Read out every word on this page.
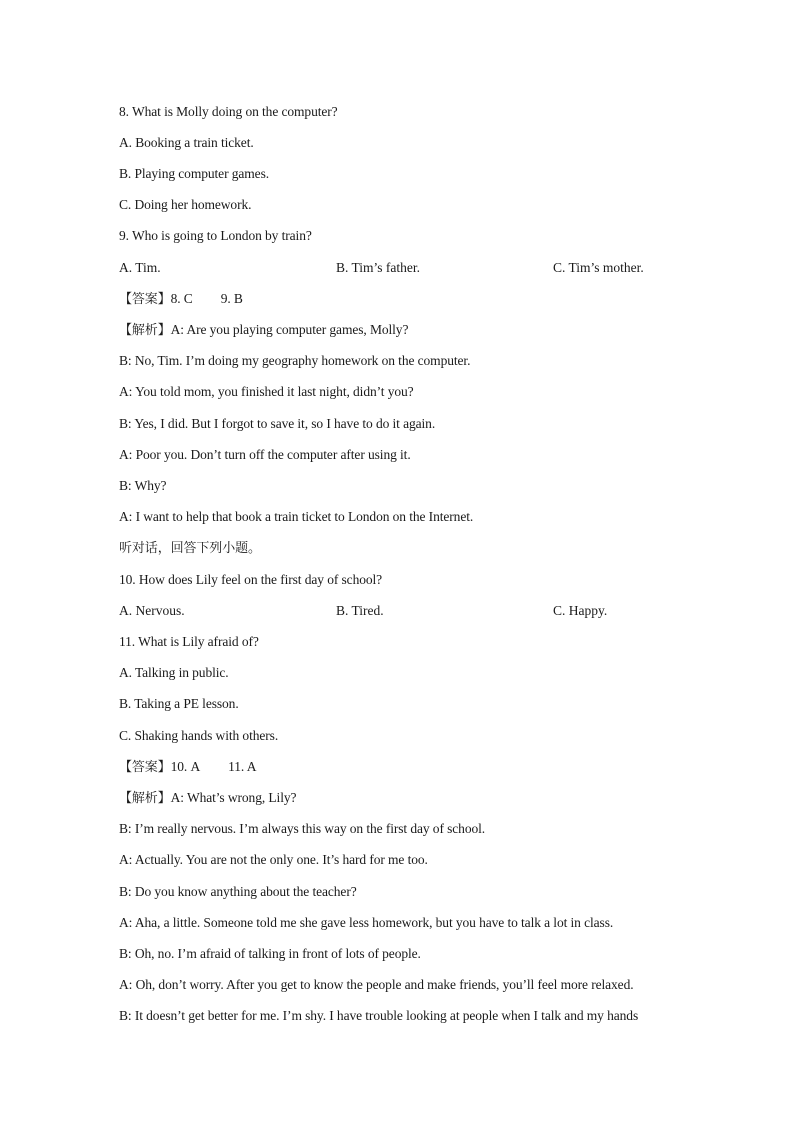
8. What is Molly doing on the computer?
A. Booking a train ticket.
B. Playing computer games.
C. Doing her homework.
9. Who is going to London by train?
A. Tim.	B. Tim’s father.	C. Tim’s mother.
【答案】8. C 9. B
【解析】A: Are you playing computer games, Molly?
B: No, Tim. I’m doing my geography homework on the computer.
A: You told mom, you finished it last night, didn’t you?
B: Yes, I did. But I forgot to save it, so I have to do it again.
A: Poor you. Don’t turn off the computer after using it.
B: Why?
A: I want to help that book a train ticket to London on the Internet.
听对话，回答下列小题。
10. How does Lily feel on the first day of school?
A. Nervous.	B. Tired.	C. Happy.
11. What is Lily afraid of?
A. Talking in public.
B. Taking a PE lesson.
C. Shaking hands with others.
【答案】10. A 11. A
【解析】A: What’s wrong, Lily?
B: I’m really nervous. I’m always this way on the first day of school.
A: Actually. You are not the only one. It’s hard for me too.
B: Do you know anything about the teacher?
A: Aha, a little. Someone told me she gave less homework, but you have to talk a lot in class.
B: Oh, no. I’m afraid of talking in front of lots of people.
A: Oh, don’t worry. After you get to know the people and make friends, you’ll feel more relaxed.
B: It doesn’t get better for me. I’m shy. I have trouble looking at people when I talk and my hands
